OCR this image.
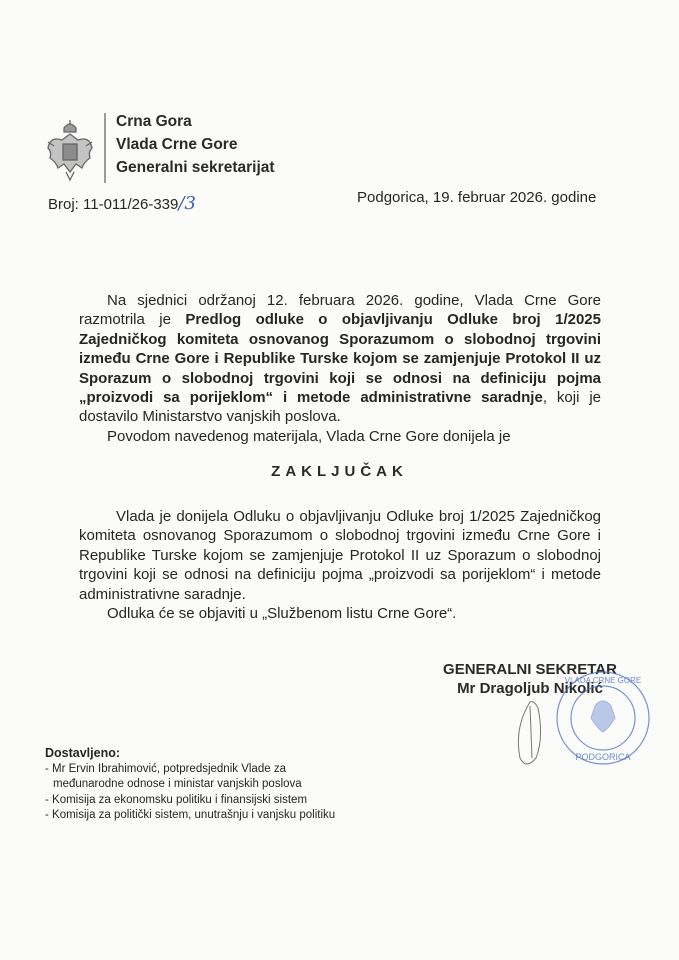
Crna Gora
Vlada Crne Gore
Generalni sekretarijat
Broj: 11-011/26-339/3	Podgorica, 19. februar 2026. godine

Na sjednici održanoj 12. februara 2026. godine, Vlada Crne Gore razmotrila je Predlog odluke o objavljivanju Odluke broj 1/2025 Zajedničkog komiteta osnovanog Sporazumom o slobodnoj trgovini između Crne Gore i Republike Turske kojom se zamjenjuje Protokol II uz Sporazum o slobodnoj trgovini koji se odnosi na definiciju pojma „proizvodi sa porijeklom“ i metode administrativne saradnje, koji je dostavilo Ministarstvo vanjskih poslova.

Povodom navedenog materijala, Vlada Crne Gore donijela je

ZAKLJUČAK

Vlada je donijela Odluku o objavljivanju Odluke broj 1/2025 Zajedničkog komiteta osnovanog Sporazumom o slobodnoj trgovini između Crne Gore i Republike Turske kojom se zamjenjuje Protokol II uz Sporazum o slobodnoj trgovini koji se odnosi na definiciju pojma „proizvodi sa porijeklom“ i metode administrativne saradnje.

Odluka će se objaviti u „Službenom listu Crne Gore“.

GENERALNI SEKRETAR
Mr Dragoljub Nikolić
PODGORICA
VLADA CRNE GORE
Dostavljeno:
- Mr Ervin Ibrahimović, potpredsjednik Vlade za
međunarodne odnose i ministar vanjskih poslova
- Komisija za ekonomsku politiku i finansijski sistem
- Komisija za politički sistem, unutrašnju i vanjsku politiku
